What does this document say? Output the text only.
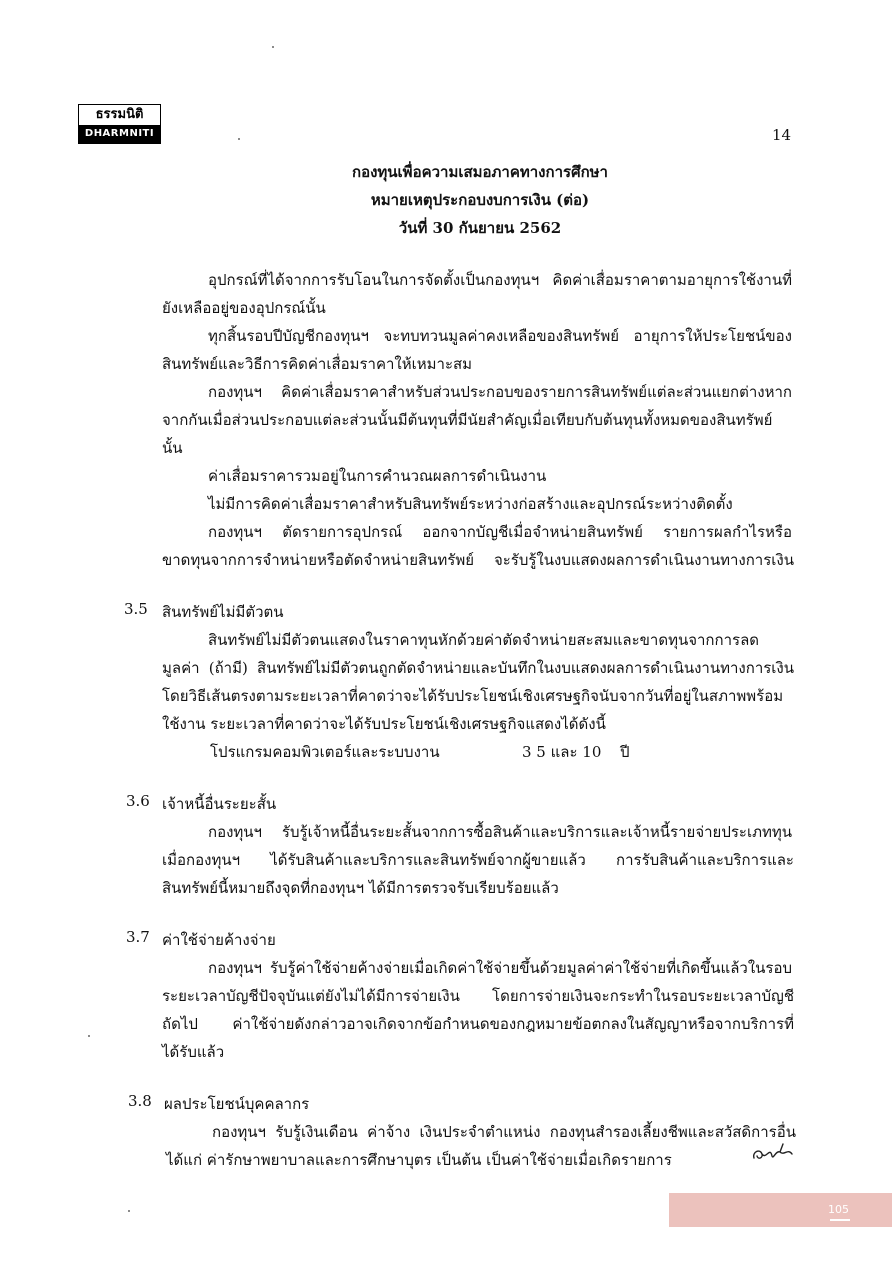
ธรรมนิติ
DHARMNITI	14
กองทุนเพื่อความเสมอภาคทางการศึกษา
หมายเหตุประกอบงบการเงิน (ต่อ)
วันที่ 30 กันยายน 2562
อุปกรณ์ที่ได้จากการรับโอนในการจัดตั้งเป็นกองทุนฯ คิดค่าเสื่อมราคาตามอายุการใช้งานที่
ยังเหลืออยู่ของอุปกรณ์นั้น
ทุกสิ้นรอบปีบัญชีกองทุนฯ จะทบทวนมูลค่าคงเหลือของสินทรัพย์ อายุการให้ประโยชน์ของ
สินทรัพย์และวิธีการคิดค่าเสื่อมราคาให้เหมาะสม
กองทุนฯ คิดค่าเสื่อมราคาสำหรับส่วนประกอบของรายการสินทรัพย์แต่ละส่วนแยกต่างหาก
จากกันเมื่อส่วนประกอบแต่ละส่วนนั้นมีต้นทุนที่มีนัยสำคัญเมื่อเทียบกับต้นทุนทั้งหมดของสินทรัพย์
นั้น
ค่าเสื่อมราคารวมอยู่ในการคำนวณผลการดำเนินงาน
ไม่มีการคิดค่าเสื่อมราคาสำหรับสินทรัพย์ระหว่างก่อสร้างและอุปกรณ์ระหว่างติดตั้ง
กองทุนฯ ตัดรายการอุปกรณ์ ออกจากบัญชีเมื่อจำหน่ายสินทรัพย์ รายการผลกำไรหรือ
ขาดทุนจากการจำหน่ายหรือตัดจำหน่ายสินทรัพย์ จะรับรู้ในงบแสดงผลการดำเนินงานทางการเงิน
3.5 สินทรัพย์ไม่มีตัวตน
สินทรัพย์ไม่มีตัวตนแสดงในราคาทุนหักด้วยค่าตัดจำหน่ายสะสมและขาดทุนจากการลด
มูลค่า (ถ้ามี) สินทรัพย์ไม่มีตัวตนถูกตัดจำหน่ายและบันทึกในงบแสดงผลการดำเนินงานทางการเงิน
โดยวิธีเส้นตรงตามระยะเวลาที่คาดว่าจะได้รับประโยชน์เชิงเศรษฐกิจนับจากวันที่อยู่ในสภาพพร้อม
ใช้งาน ระยะเวลาที่คาดว่าจะได้รับประโยชน์เชิงเศรษฐกิจแสดงได้ดังนี้
โปรแกรมคอมพิวเตอร์และระบบงาน	3 5 และ 10 ปี
3.6 เจ้าหนี้อื่นระยะสั้น
กองทุนฯ รับรู้เจ้าหนี้อื่นระยะสั้นจากการซื้อสินค้าและบริการและเจ้าหนี้รายจ่ายประเภททุน
เมื่อกองทุนฯ ได้รับสินค้าและบริการและสินทรัพย์จากผู้ขายแล้ว การรับสินค้าและบริการและ
สินทรัพย์นี้หมายถึงจุดที่กองทุนฯ ได้มีการตรวจรับเรียบร้อยแล้ว
3.7 ค่าใช้จ่ายค้างจ่าย
กองทุนฯ รับรู้ค่าใช้จ่ายค้างจ่ายเมื่อเกิดค่าใช้จ่ายขึ้นด้วยมูลค่าค่าใช้จ่ายที่เกิดขึ้นแล้วในรอบ
ระยะเวลาบัญชีปัจจุบันแต่ยังไม่ได้มีการจ่ายเงิน โดยการจ่ายเงินจะกระทำในรอบระยะเวลาบัญชี
ถัดไป ค่าใช้จ่ายดังกล่าวอาจเกิดจากข้อกำหนดของกฎหมายข้อตกลงในสัญญาหรือจากบริการที่
ได้รับแล้ว
3.8 ผลประโยชน์บุคคลากร
กองทุนฯ รับรู้เงินเดือน ค่าจ้าง เงินประจำตำแหน่ง กองทุนสำรองเลี้ยงชีพและสวัสดิการอื่น
ได้แก่ ค่ารักษาพยาบาลและการศึกษาบุตร เป็นต้น เป็นค่าใช้จ่ายเมื่อเกิดรายการ
105
